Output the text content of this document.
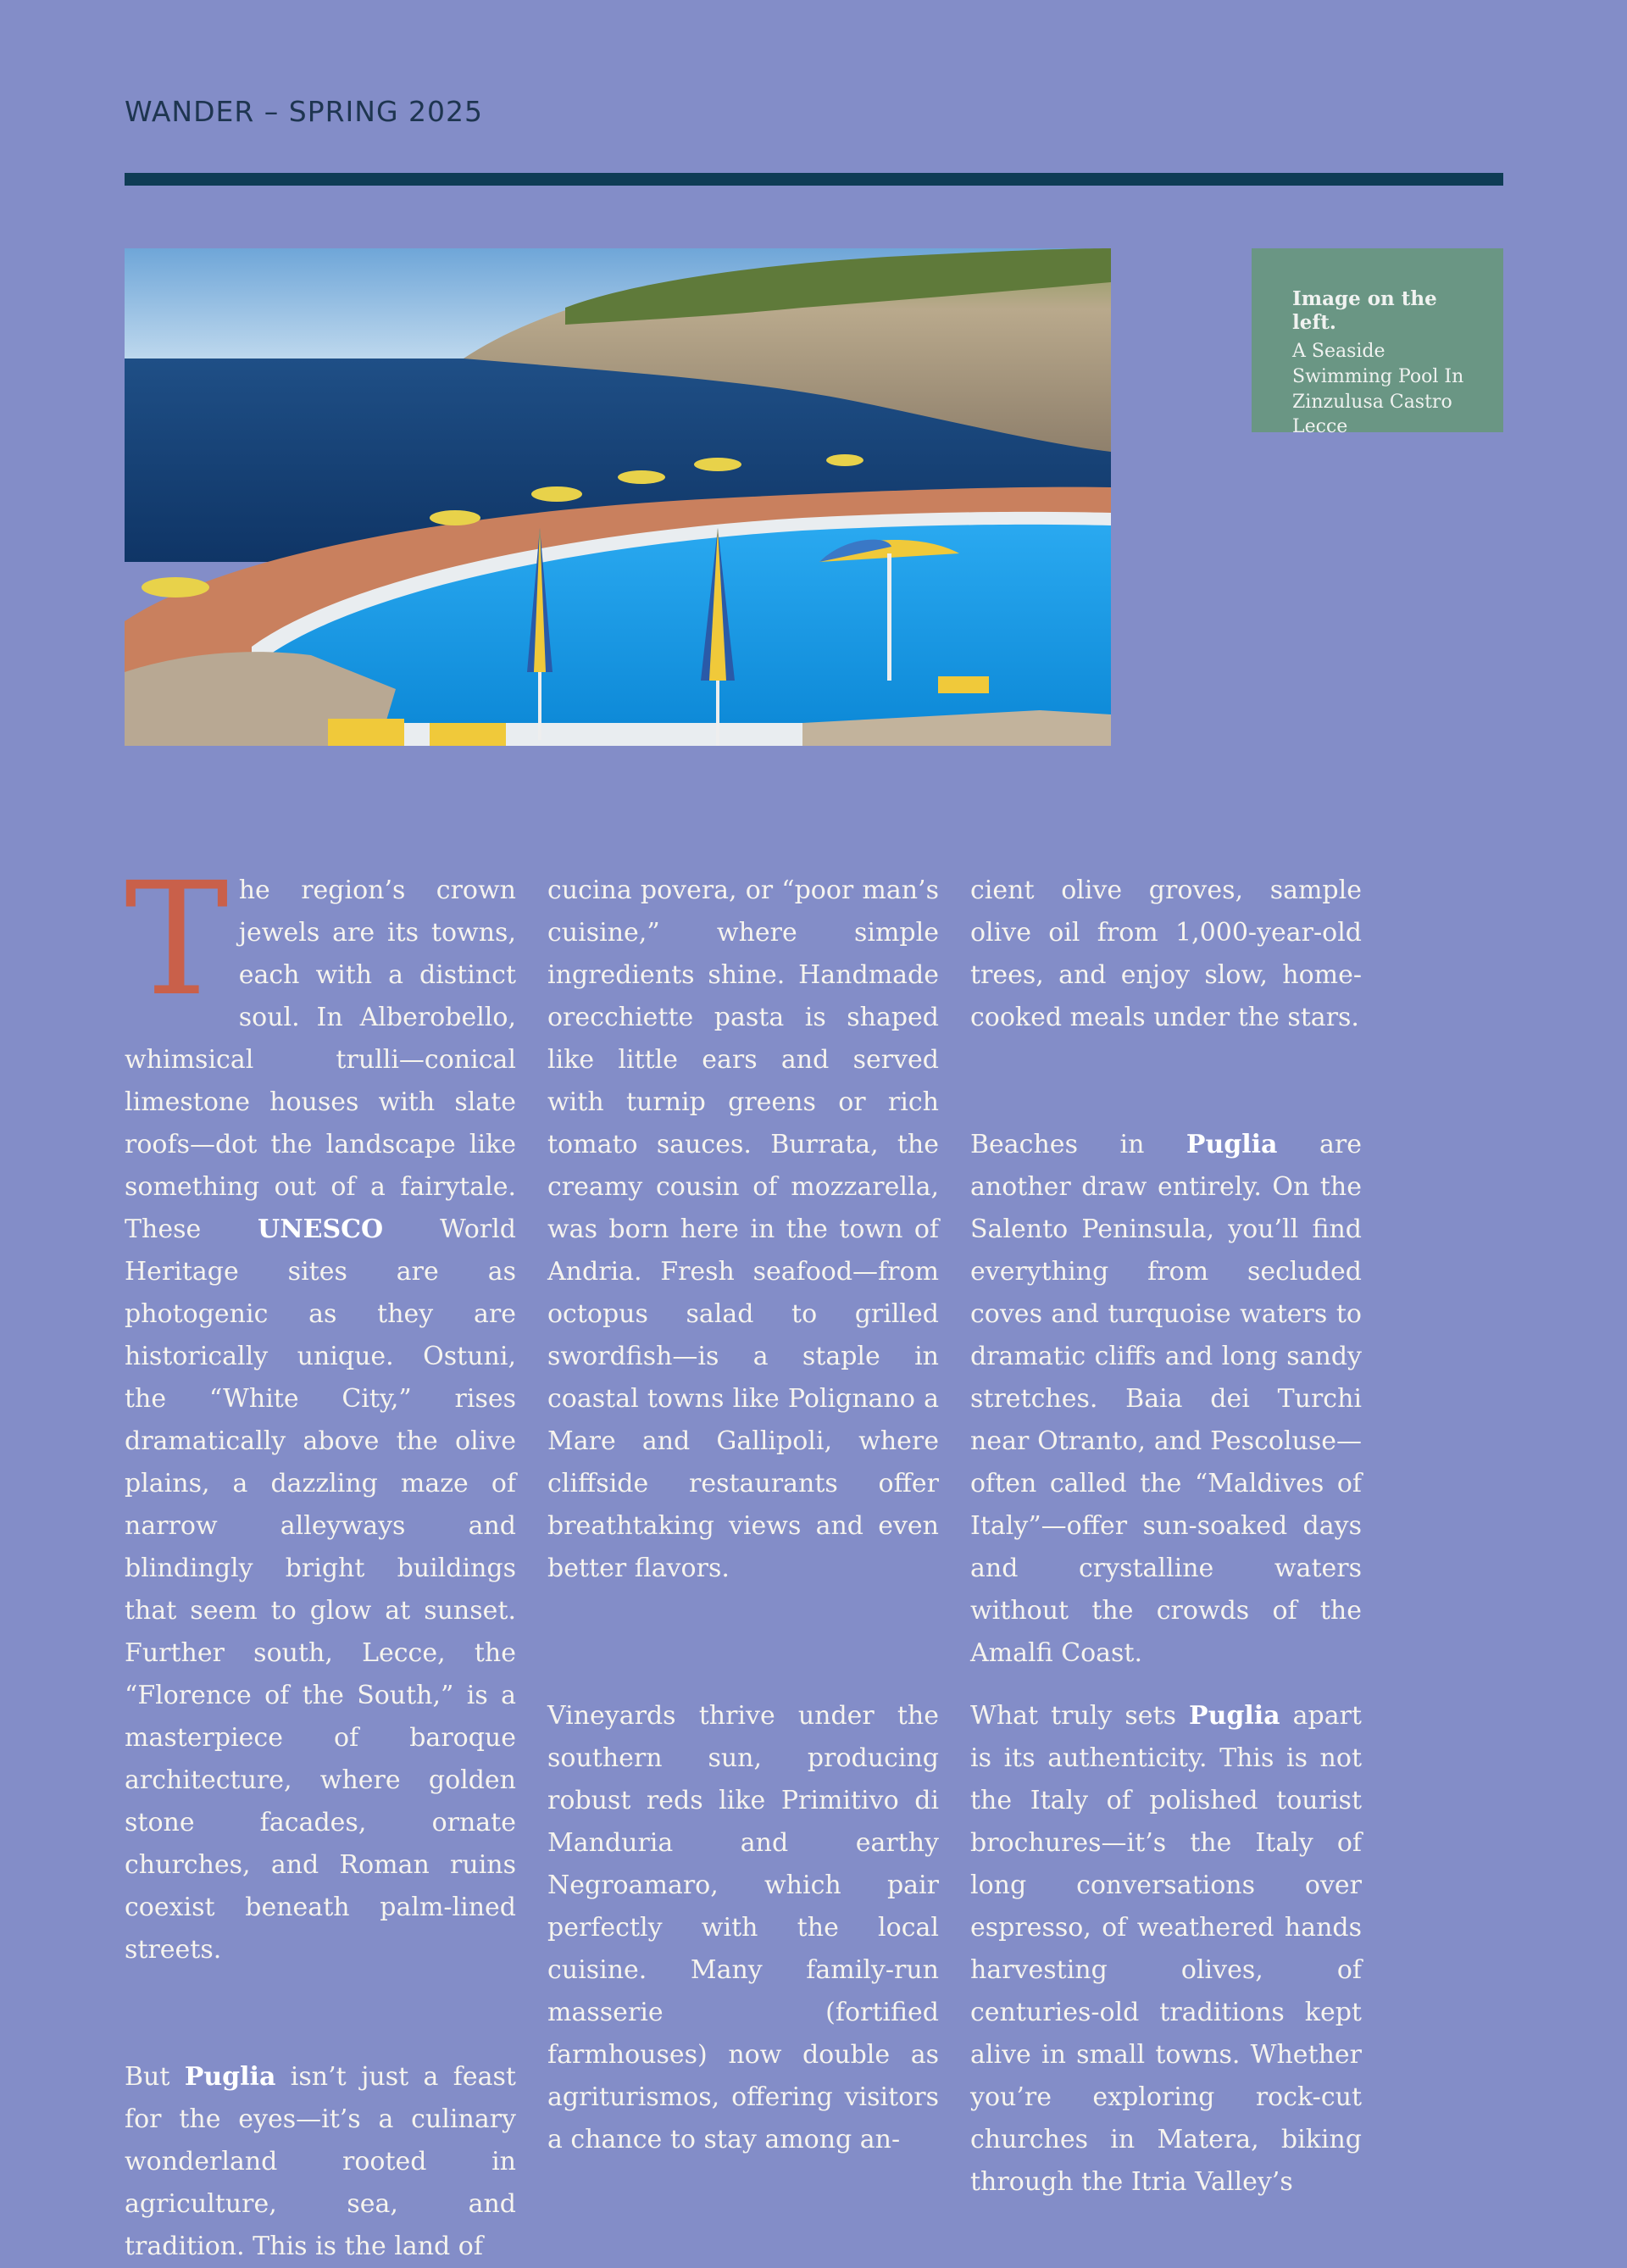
WANDER – SPRING 2025

Image on the left.

A Seaside Swimming Pool In Zinzulusa Castro Lecce

The region’s crown jewels are its towns, each with a distinct soul. In Alberobello, whimsical trulli—conical limestone houses with slate roofs—dot the landscape like something out of a fairytale. These UNESCO World Heritage sites are as photogenic as they are historically unique. Ostuni, the “White City,” rises dramatically above the olive plains, a dazzling maze of narrow alleyways and blindingly bright buildings that seem to glow at sunset. Further south, Lecce, the “Florence of the South,” is a masterpiece of baroque architecture, where golden stone facades, ornate churches, and Roman ruins coexist beneath palm-lined streets.

But Puglia isn’t just a feast for the eyes—it’s a culinary wonderland rooted in agriculture, sea, and tradition. This is the land of

cucina povera, or “poor man’s cuisine,” where simple ingredients shine. Handmade orecchiette pasta is shaped like little ears and served with turnip greens or rich tomato sauces. Burrata, the creamy cousin of mozzarella, was born here in the town of Andria. Fresh seafood—from octopus salad to grilled swordfish—is a staple in coastal towns like Polignano a Mare and Gallipoli, where cliffside restaurants offer breathtaking views and even better flavors.

Vineyards thrive under the southern sun, producing robust reds like Primitivo di Manduria and earthy Negroamaro, which pair perfectly with the local cuisine. Many family-run masserie (fortified farmhouses) now double as agriturismos, offering visitors a chance to stay among an-

cient olive groves, sample olive oil from 1,000-year-old trees, and enjoy slow, home-cooked meals under the stars.

Beaches in Puglia are another draw entirely. On the Salento Peninsula, you’ll find everything from secluded coves and turquoise waters to dramatic cliffs and long sandy stretches. Baia dei Turchi near Otranto, and Pescoluse—often called the “Maldives of Italy”—offer sun-soaked days and crystalline waters without the crowds of the Amalfi Coast.

What truly sets Puglia apart is its authenticity. This is not the Italy of polished tourist brochures—it’s the Italy of long conversations over espresso, of weathered hands harvesting olives, of centuries-old traditions kept alive in small towns. Whether you’re exploring rock-cut churches in Matera, biking through the Itria Valley’s
